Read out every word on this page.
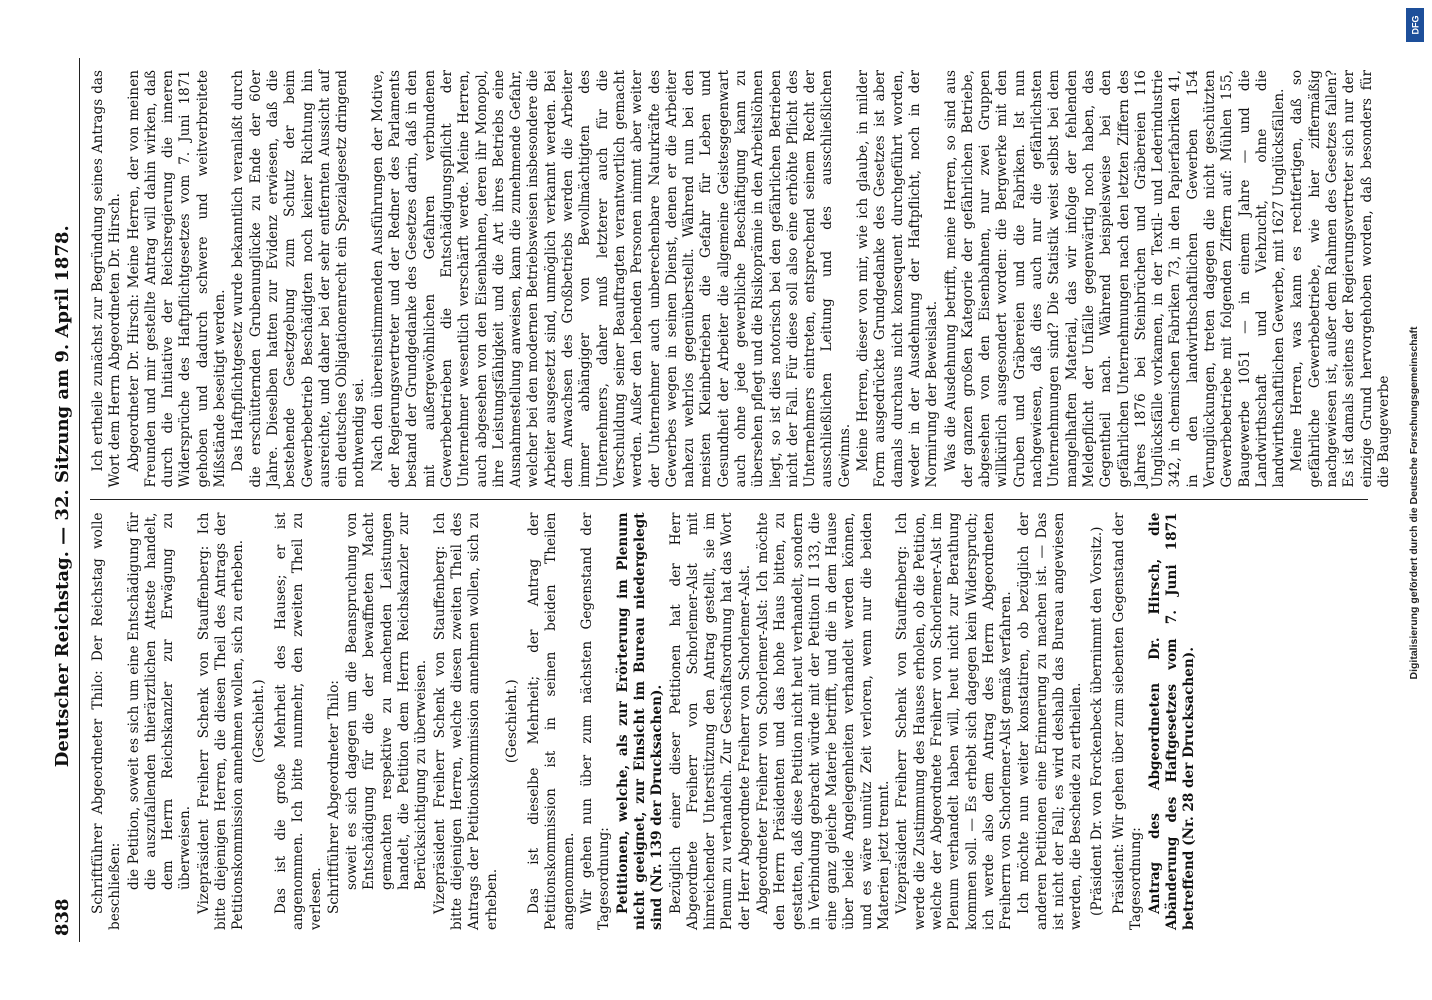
838
Deutscher Reichstag. — 32. Sitzung am 9. April 1878. Schriftführer Abgeordneter Thilo: Der Reichstag wolle beschließen: die Petition, soweit es sich um eine Entschädigung für die auszufallenden thierärztlichen Atteste handelt, dem Herrn Reichskanzler zur Erwägung zu überweisen. Vizepräsident Freiherr Schenk von Stauffenberg: Ich bitte diejenigen Herren, die diesen Theil des Antrags der Petitionskommission annehmen wollen, sich zu erheben. (Geschieht.) Das ist die große Mehrheit des Hauses; er ist angenommen. Ich bitte nunmehr, den zweiten Theil zu verlesen. Schriftführer Abgeordneter Thilo: soweit es sich dagegen um die Beanspruchung von Entschädigung für die der bewaffneten Macht gemachten respektive zu machenden Leistungen handelt, die Petition dem Herrn Reichskanzler zur Berücksichtigung zu überweisen. Vizepräsident Freiherr Schenk von Stauffenberg: Ich bitte diejenigen Herren, welche diesen zweiten Theil des Antrags der Petitionskommission annehmen wollen, sich zu erheben.

(Geschieht.) Das ist dieselbe Mehrheit; der Antrag der Petitionskommission ist in seinen beiden Theilen angenommen. Wir gehen nun über zum nächsten Gegenstand der Tagesordnung: Petitionen, welche, als zur Erörterung im Plenum nicht geeignet, zur Einsicht im Bureau niedergelegt sind (Nr. 139 der Drucksachen). Bezüglich einer dieser Petitionen hat der Herr Abgeordnete Freiherr von Schorlemer-Alst mit hinreichender Unterstützung den Antrag gestellt, sie im Plenum zu verhandeln. Zur Geschäftsordnung hat das Wort der Herr Abgeordnete Freiherr von Schorlemer-Alst. Abgeordneter Freiherr von Schorlemer-Alst: Ich möchte den Herrn Präsidenten und das hohe Haus bitten, zu gestatten, daß diese Petition nicht heut verhandelt, sondern in Verbindung gebracht würde mit der Petition II 133, die eine ganz gleiche Materie betrifft, und die in dem Hause über beide Angelegenheiten verhandelt werden können, und es wäre unnütz Zeit verloren, wenn nur die beiden Materien jetzt trennt. Vizepräsident Freiherr Schenk von Stauffenberg: Ich werde die Zustimmung des Hauses erholen, ob die Petition, welche der Abgeordnete Freiherr von Schorlemer-Alst im Plenum verhandelt haben will, heut nicht zur Berathung kommen soll. — Es erhebt sich dagegen kein Widerspruch; ich werde also dem Antrag des Herrn Abgeordneten Freiherrn von Schorlemer-Alst gemäß verfahren. Ich möchte nun weiter konstatiren, ob bezüglich der anderen Petitionen eine Erinnerung zu machen ist. — Das ist nicht der Fall; es wird deshalb das Bureau angewiesen werden, die Bescheide zu ertheilen. (Präsident Dr. von Forckenbeck übernimmt den Vorsitz.) Präsident: Wir gehen über zum siebenten Gegenstand der Tagesordnung: Antrag des Abgeordneten Dr. Hirsch, die Abänderung des Haftgesetzes vom 7. Juni 1871 betreffend (Nr. 28 der Drucksachen).

Ich ertheile zunächst zur Begründung seines Antrags das Wort dem Herrn Abgeordneten Dr. Hirsch. Abgeordneter Dr. Hirsch: Meine Herren, der von meinen Freunden und mir gestellte Antrag will dahin wirken, daß durch die Initiative der Reichsregierung die inneren Widersprüche des Haftpflichtgesetzes vom 7. Juni 1871 gehoben und dadurch schwere und weitverbreitete Mißstände beseitigt werden. Das Haftpflichtgesetz wurde bekanntlich veranlaßt durch die erschütternden Grubenunglücke zu Ende der 60er Jahre. Dieselben hatten zur Evidenz erwiesen, daß die bestehende Gesetzgebung zum Schutz der beim Gewerbebetrieb Beschädigten noch keiner Richtung hin ausreichte, und daher bei der sehr entfernten Aussicht auf ein deutsches Obligationenrecht ein Spezialgesetz dringend nothwendig sei. Nach den übereinstimmenden Ausführungen der Motive, der Regierungsvertreter und der Redner des Parlaments bestand der Grundgedanke des Gesetzes darin, daß in den mit außergewöhnlichen Gefahren verbundenen Gewerbebetrieben die Entschädigungspflicht der Unternehmer wesentlich verschärft werde. Meine Herren, auch abgesehen von den Eisenbahnen, deren ihr Monopol, ihre Leistungsfähigkeit und die Art ihres Betriebs eine Ausnahmestellung anweisen, kann die zunehmende Gefahr, welcher bei den modernen Betriebsweisen insbesondere die Arbeiter ausgesetzt sind, unmöglich verkannt werden. Bei dem Anwachsen des Großbetriebs werden die Arbeiter immer abhängiger von Bevollmächtigten des Unternehmers, daher muß letzterer auch für die Verschuldung seiner Beauftragten verantwortlich gemacht werden. Außer den lebenden Personen nimmt aber weiter der Unternehmer auch unberechenbare Naturkräfte des Gewerbes wegen in seinen Dienst, denen er die Arbeiter nahezu wehrlos gegenüberstellt. Während nun bei den meisten Kleinbetrieben die Gefahr für Leben und Gesundheit der Arbeiter die allgemeine Geistesgegenwart auch ohne jede gewerbliche Beschäftigung kann zu übersehen pflegt und die Risikoprämie in den Arbeitslöhnen liegt, so ist dies notorisch bei den gefährlichen Betrieben nicht der Fall. Für diese soll also eine erhöhte Pflicht des Unternehmers eintreten, entsprechend seinem Recht der ausschließlichen Leitung und des ausschließlichen Gewinns. Meine Herren, dieser von mir, wie ich glaube, in milder Form ausgedrückte Grundgedanke des Gesetzes ist aber damals durchaus nicht konsequent durchgeführt worden, weder in der Ausdehnung der Haftpflicht, noch in der Normirung der Beweislast. Was die Ausdehnung betrifft, meine Herren, so sind aus der ganzen großen Kategorie der gefährlichen Betriebe, abgesehen von den Eisenbahnen, nur zwei Gruppen willkürlich ausgesondert worden: die Bergwerke mit den Gruben und Gräbereien und die Fabriken. Ist nun nachgewiesen, daß dies auch nur die gefährlichsten Unternehmungen sind? Die Statistik weist selbst bei dem mangelhaften Material, das wir infolge der fehlenden Meldepflicht der Unfälle gegenwärtig noch haben, das Gegentheil nach. Während beispielsweise bei den gefährlichen Unternehmungen nach den letzten Ziffern des Jahres 1876 bei Steinbrüchen und Gräbereien 116 Unglücksfälle vorkamen, in der Textil- und Lederindustrie 342, in chemischen Fabriken 73, in den Papierfabriken 41, in den landwirthschaftlichen Gewerben 154 Verunglückungen, treten dagegen die nicht geschützten Gewerbebetriebe mit folgenden Ziffern auf: Mühlen 155, Baugewerbe 1051 — in einem Jahre — und die Landwirthschaft und Viehzucht, ohne die landwirthschaftlichen Gewerbe, mit 1627 Unglücksfällen. Meine Herren, was kann es rechtfertigen, daß so gefährliche Gewerbebetriebe, wie hier ziffermäßig nachgewiesen ist, außer dem Rahmen des Gesetzes fallen? Es ist damals seitens der Regierungsvertreter sich nur der einzige Grund hervorgehoben worden, daß besonders für die Baugewerbe Digitalisierung gefördert durch die Deutsche Forschungsgemeinschaft
DFG
